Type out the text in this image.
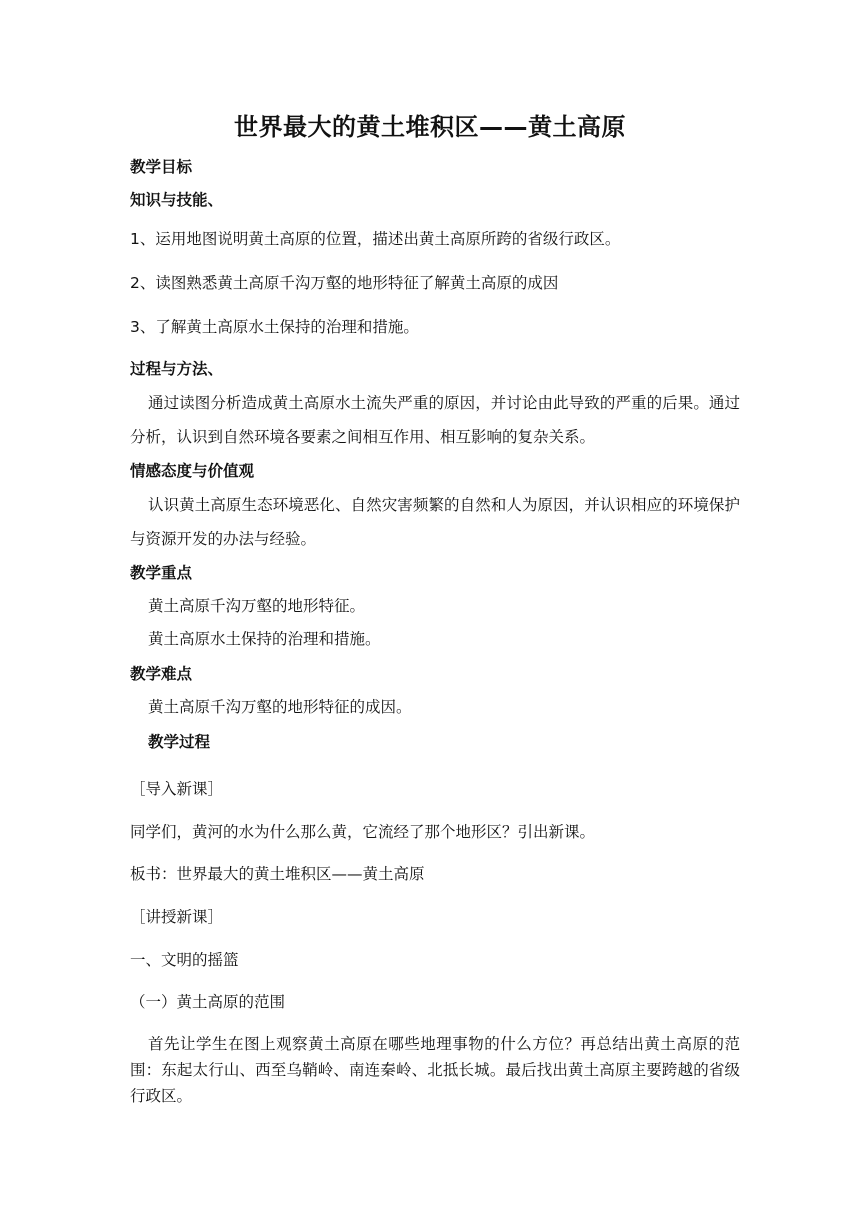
世界最大的黄土堆积区——黄土高原
教学目标
知识与技能、
1、运用地图说明黄土高原的位置，描述出黄土高原所跨的省级行政区。
2、读图熟悉黄土高原千沟万壑的地形特征了解黄土高原的成因
3、了解黄土高原水土保持的治理和措施。
过程与方法、
通过读图分析造成黄土高原水土流失严重的原因，并讨论由此导致的严重的后果。通过分析，认识到自然环境各要素之间相互作用、相互影响的复杂关系。
情感态度与价值观
认识黄土高原生态环境恶化、自然灾害频繁的自然和人为原因，并认识相应的环境保护与资源开发的办法与经验。
教学重点
黄土高原千沟万壑的地形特征。
黄土高原水土保持的治理和措施。
教学难点
黄土高原千沟万壑的地形特征的成因。
教学过程
［导入新课］
同学们，黄河的水为什么那么黄，它流经了那个地形区？引出新课。
板书：世界最大的黄土堆积区——黄土高原
［讲授新课］
一、文明的摇篮
（一）黄土高原的范围
首先让学生在图上观察黄土高原在哪些地理事物的什么方位？再总结出黄土高原的范围：东起太行山、西至乌鞘岭、南连秦岭、北抵长城。最后找出黄土高原主要跨越的省级行政区。
